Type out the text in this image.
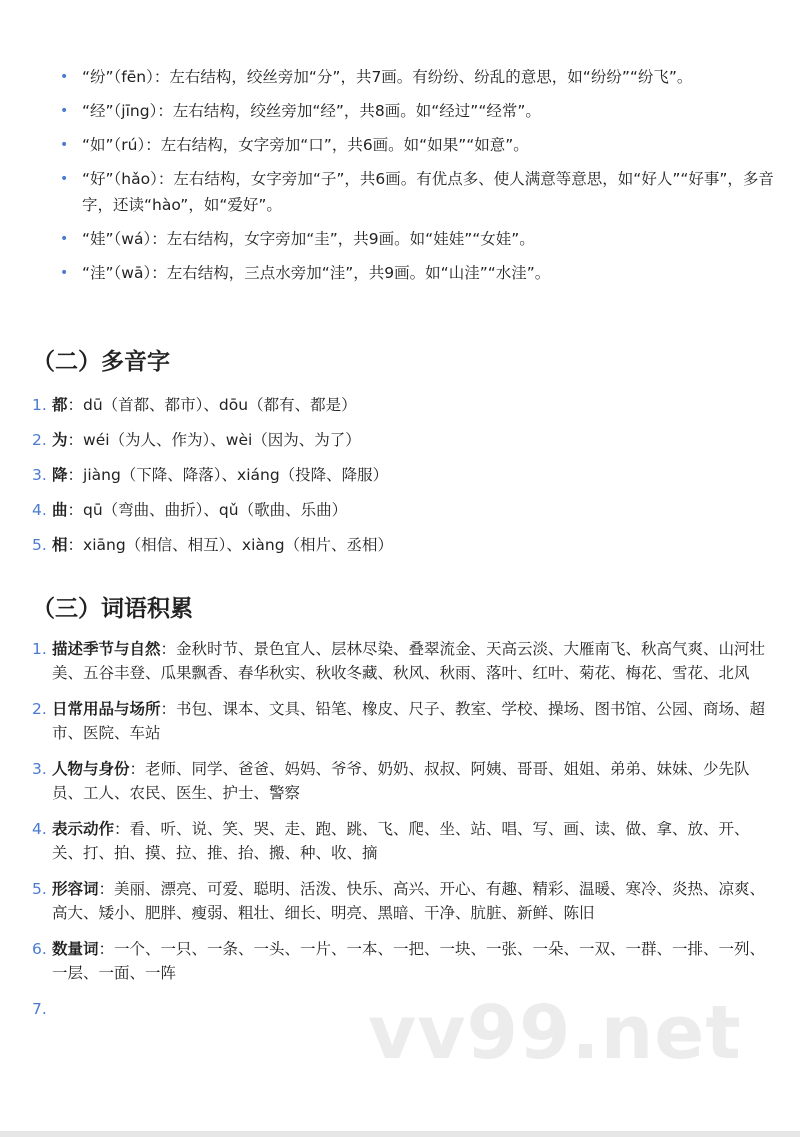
• “纷”（fēn）：左右结构，绞丝旁加“分”，共7画。有纷纷、纷乱的意思，如“纷纷”“纷飞”。
• “经”（jīng）：左右结构，绞丝旁加“经”，共8画。如“经过”“经常”。
• “如”（rú）：左右结构，女字旁加“口”，共6画。如“如果”“如意”。
• “好”（hǎo）：左右结构，女字旁加“子”，共6画。有优点多、使人满意等意思，如“好人”“好事”，多音字，还读“hào”，如“爱好”。
• “娃”（wá）：左右结构，女字旁加“圭”，共9画。如“娃娃”“女娃”。
• “洼”（wā）：左右结构，三点水旁加“洼”，共9画。如“山洼”“水洼”。
（二）多音字
1. 都：dū（首都、都市）、dōu（都有、都是）
2. 为：wéi（为人、作为）、wèi（因为、为了）
3. 降：jiàng（下降、降落）、xiáng（投降、降服）
4. 曲：qū（弯曲、曲折）、qǔ（歌曲、乐曲）
5. 相：xiāng（相信、相互）、xiàng（相片、丞相）
（三）词语积累
1. 描述季节与自然：金秋时节、景色宜人、层林尽染、叠翠流金、天高云淡、大雁南飞、秋高气爽、山河壮美、五谷丰登、瓜果飘香、春华秋实、秋收冬藏、秋风、秋雨、落叶、红叶、菊花、梅花、雪花、北风
2. 日常用品与场所：书包、课本、文具、铅笔、橡皮、尺子、教室、学校、操场、图书馆、公园、商场、超市、医院、车站
3. 人物与身份：老师、同学、爸爸、妈妈、爷爷、奶奶、叔叔、阿姨、哥哥、姐姐、弟弟、妹妹、少先队员、工人、农民、医生、护士、警察
4. 表示动作：看、听、说、笑、哭、走、跑、跳、飞、爬、坐、站、唱、写、画、读、做、拿、放、开、关、打、拍、摸、拉、推、抬、搬、种、收、摘
5. 形容词：美丽、漂亮、可爱、聪明、活泼、快乐、高兴、开心、有趣、精彩、温暖、寒冷、炎热、凉爽、高大、矮小、肥胖、瘦弱、粗壮、细长、明亮、黑暗、干净、肮脏、新鲜、陈旧
6. 数量词：一个、一只、一条、一头、一片、一本、一把、一块、一张、一朵、一双、一群、一排、一列、一层、一面、一阵
7.	vv99.net
